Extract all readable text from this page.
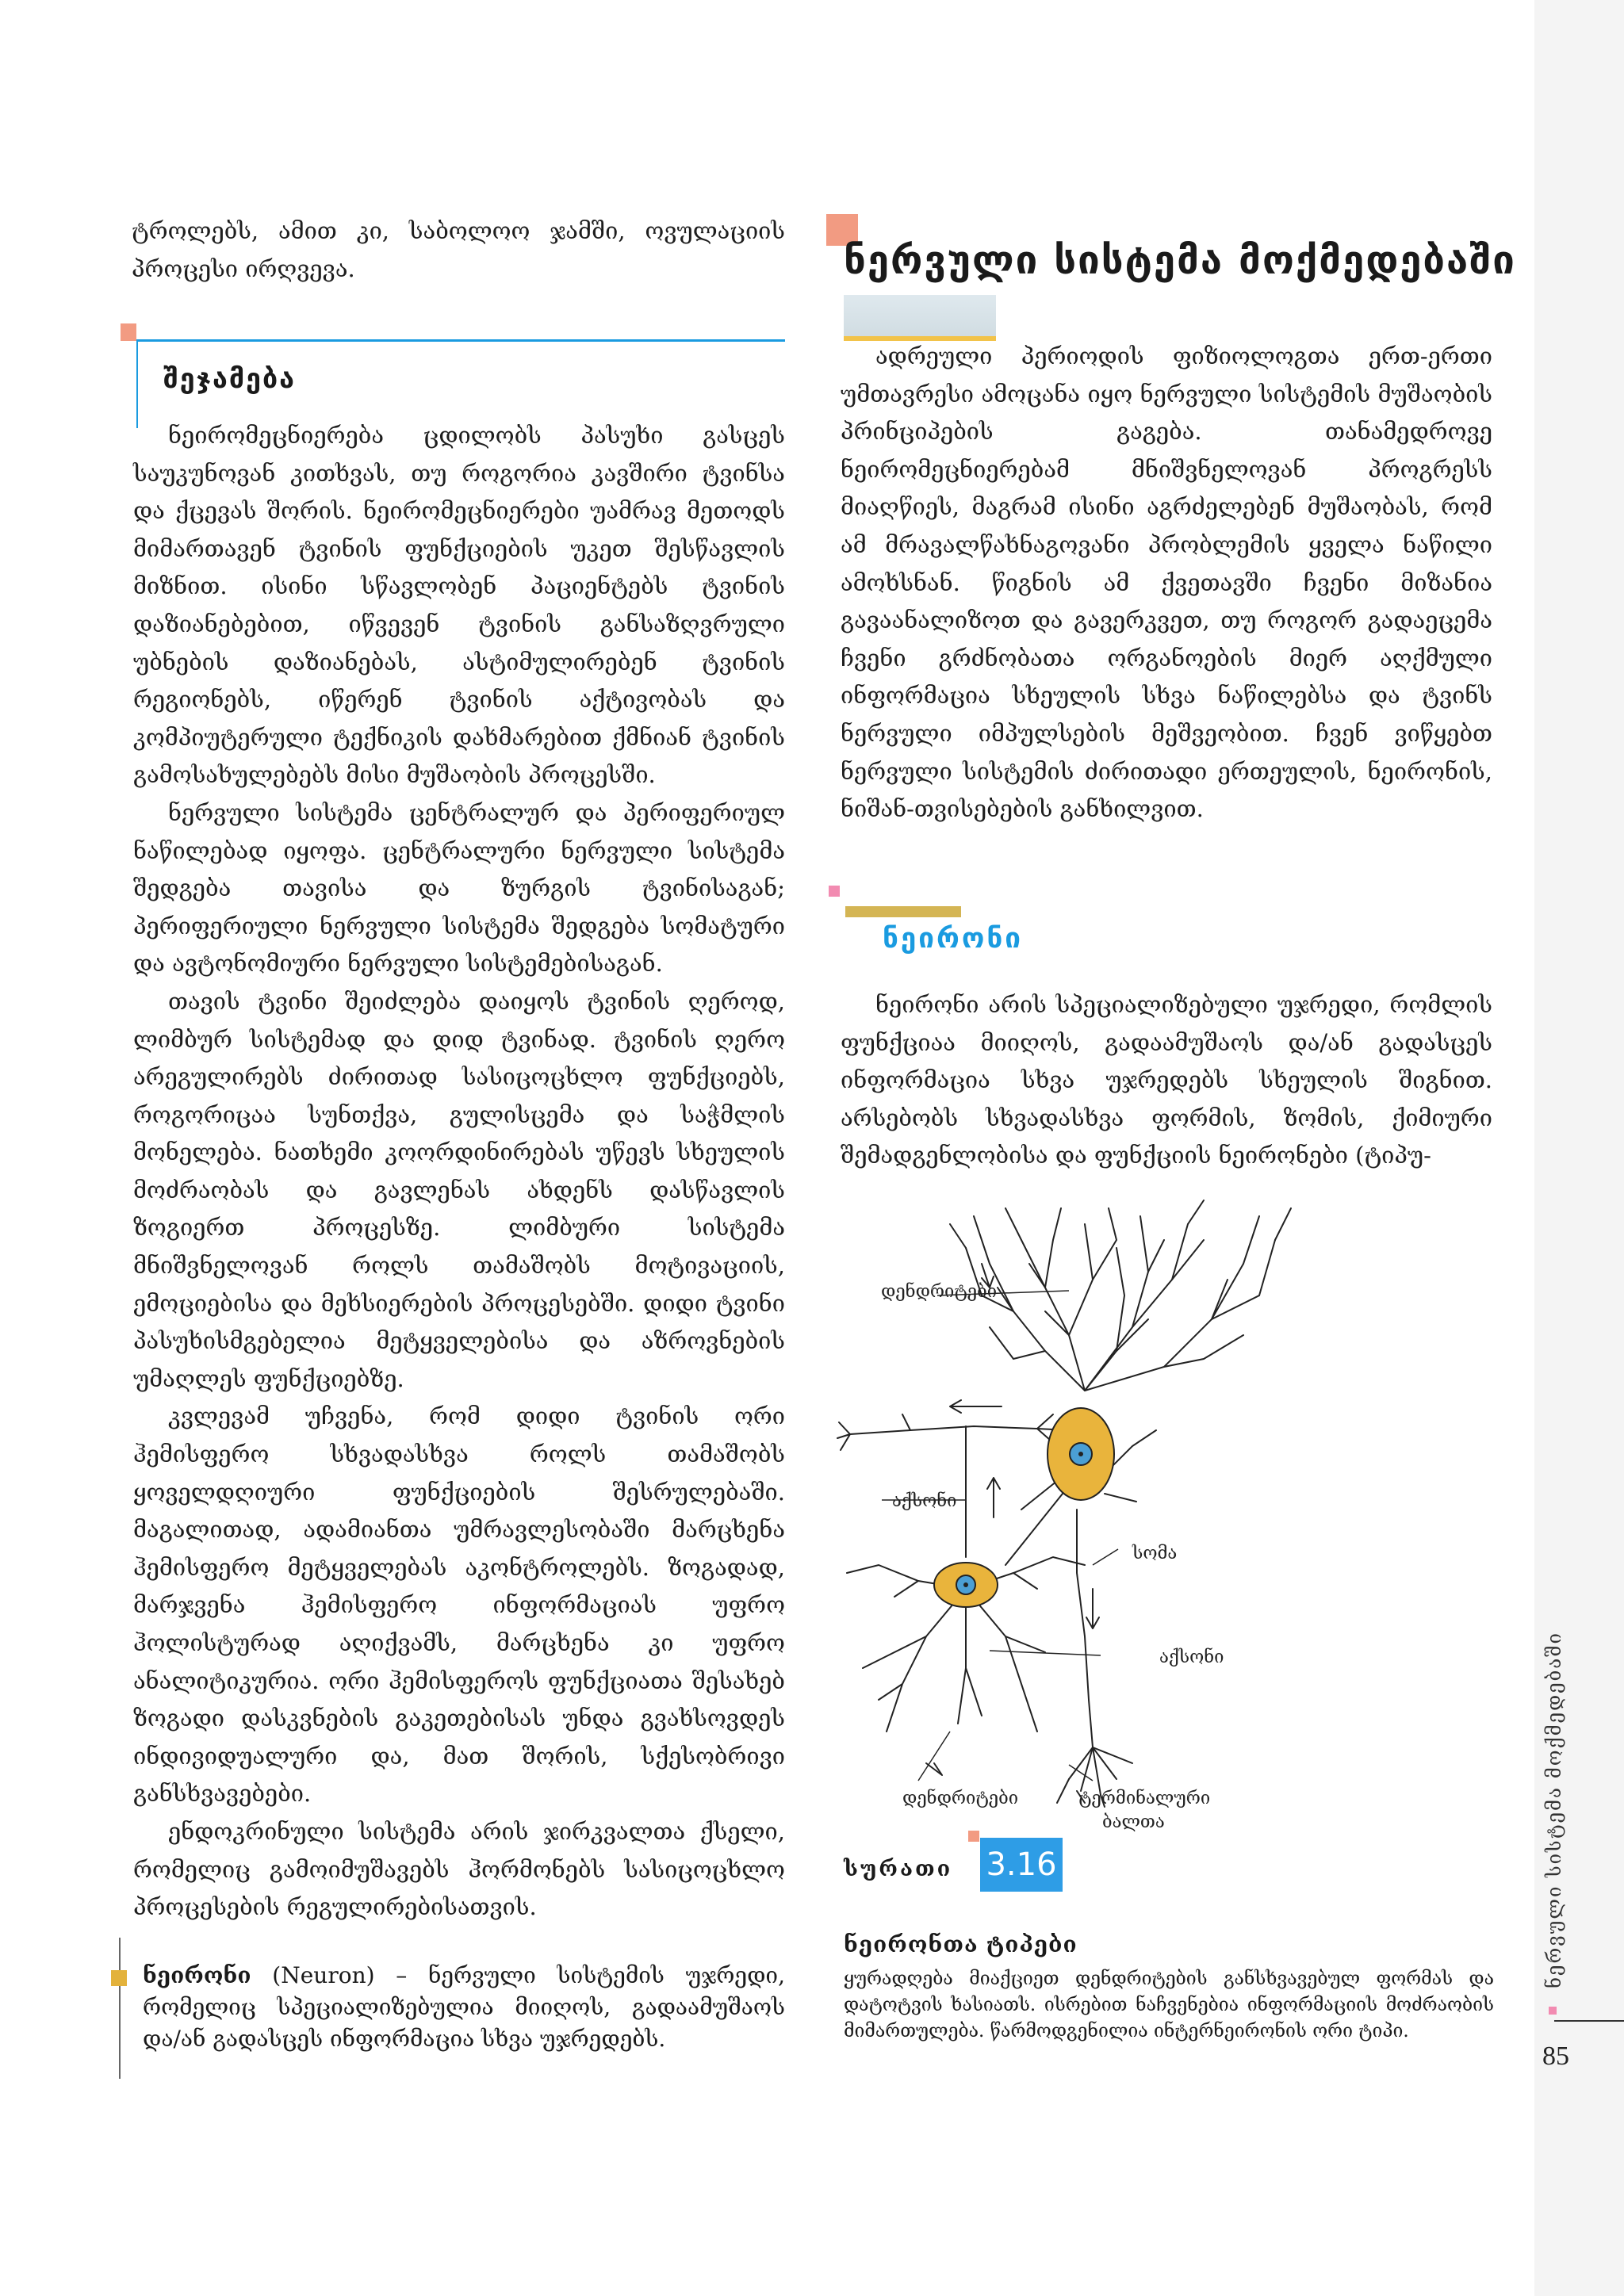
ტროლებს, ამით კი, საბოლოო ჯამში, ოვულაციის პროცესი ირღვევა.

შეჯამება

ნეირომეცნიერება ცდილობს პასუხი გასცეს საუკუნოვან კითხვას, თუ როგორია კავშირი ტვინსა და ქცევას შორის. ნეირომეცნიერები უამრავ მეთოდს მიმართავენ ტვინის ფუნქციების უკეთ შესწავლის მიზნით. ისინი სწავლობენ პაციენტებს ტვინის დაზიანებებით, იწვევენ ტვინის განსაზღვრული უბნების დაზიანებას, ასტიმულირებენ ტვინის რეგიონებს, იწერენ ტვინის აქტივობას და კომპიუტერული ტექნიკის დახმარებით ქმნიან ტვინის გამოსახულებებს მისი მუშაობის პროცესში.

ნერვული სისტემა ცენტრალურ და პერიფერიულ ნაწილებად იყოფა. ცენტრალური ნერვული სისტემა შედგება თავისა და ზურგის ტვინისაგან; პერიფერიული ნერვული სისტემა შედგება სომატური და ავტონომიური ნერვული სისტემებისაგან.

თავის ტვინი შეიძლება დაიყოს ტვინის ღეროდ, ლიმბურ სისტემად და დიდ ტვინად. ტვინის ღერო არეგულირებს ძირითად სასიცოცხლო ფუნქციებს, როგორიცაა სუნთქვა, გულისცემა და საჭმლის მონელება. ნათხემი კოორდინირებას უწევს სხეულის მოძრაობას და გავლენას ახდენს დასწავლის ზოგიერთ პროცესზე. ლიმბური სისტემა მნიშვნელოვან როლს თამაშობს მოტივაციის, ემოციებისა და მეხსიერების პროცესებში. დიდი ტვინი პასუხისმგებელია მეტყველებისა და აზროვნების უმაღლეს ფუნქციებზე.

კვლევამ უჩვენა, რომ დიდი ტვინის ორი ჰემისფერო სხვადასხვა როლს თამაშობს ყოველდღიური ფუნქციების შესრულებაში. მაგალითად, ადამიანთა უმრავლესობაში მარცხენა ჰემისფერო მეტყველებას აკონტროლებს. ზოგადად, მარჯვენა ჰემისფერო ინფორმაციას უფრო ჰოლისტურად აღიქვამს, მარცხენა კი უფრო ანალიტიკურია. ორი ჰემისფეროს ფუნქციათა შესახებ ზოგადი დასკვნების გაკეთებისას უნდა გვახსოვდეს ინდივიდუალური და, მათ შორის, სქესობრივი განსხვავებები.

ენდოკრინული სისტემა არის ჯირკვალთა ქსელი, რომელიც გამოიმუშავებს ჰორმონებს სასიცოცხლო პროცესების რეგულირებისათვის.

ნეირონი (Neuron) – ნერვული სისტემის უჯრედი, რომელიც სპეციალიზებულია მიიღოს, გადაამუშაოს და/ან გადასცეს ინფორმაცია სხვა უჯრედებს.
ნერვული სისტემა მოქმედებაში

ადრეული პერიოდის ფიზიოლოგთა ერთ-ერთი უმთავრესი ამოცანა იყო ნერვული სისტემის მუშაობის პრინციპების გაგება. თანამედროვე ნეირომეცნიერებამ მნიშვნელოვან პროგრესს მიაღწიეს, მაგრამ ისინი აგრძელებენ მუშაობას, რომ ამ მრავალწახნაგოვანი პრობლემის ყველა ნაწილი ამოხსნან. წიგნის ამ ქვეთავში ჩვენი მიზანია გავაანალიზოთ და გავერკვეთ, თუ როგორ გადაეცემა ჩვენი გრძნობათა ორგანოების მიერ აღქმული ინფორმაცია სხეულის სხვა ნაწილებსა და ტვინს ნერვული იმპულსების მეშვეობით. ჩვენ ვიწყებთ ნერვული სისტემის ძირითადი ერთეულის, ნეირონის, ნიშან-თვისებების განხილვით.

ნეირონი

ნეირონი არის სპეციალიზებული უჯრედი, რომლის ფუნქციაა მიიღოს, გადაამუშაოს და/ან გადასცეს ინფორმაცია სხვა უჯრედებს სხეულის შიგნით. არსებობს სხვადასხვა ფორმის, ზომის, ქიმიური შემადგენლობისა და ფუნქციის ნეირონები (ტიპუ-

დენდრიტები
აქსონი
სომა
აქსონი
დენდრიტები	ტერმინალური
ბალთა
სურათი 3.16
ნეირონთა ტიპები
ყურადღება მიაქციეთ დენდრიტების განსხვავებულ ფორმას და დატოტვის ხასიათს. ისრებით ნაჩვენებია ინფორმაციის მოძრაობის მიმართულება. წარმოდგენილია ინტერნეირონის ორი ტიპი.
ნერვული სისტემა მოქმედებაში
85
